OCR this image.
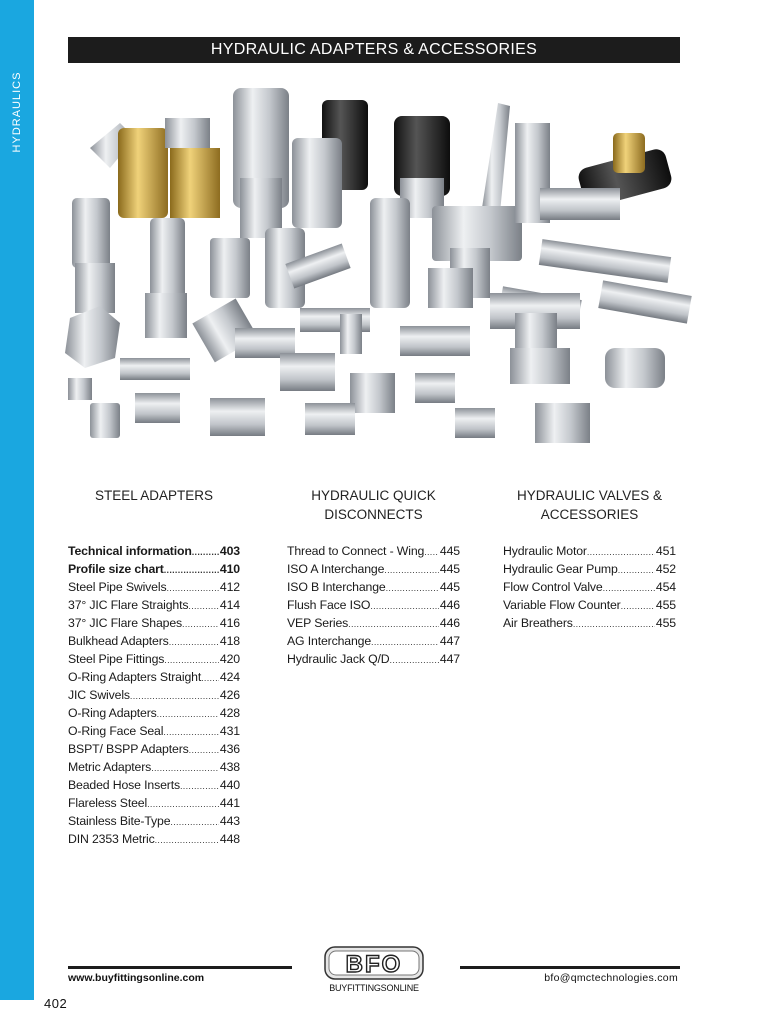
HYDRAULICS
HYDRAULIC ADAPTERS & ACCESSORIES
STEEL ADAPTERS
Technical information ..... 403
Profile size chart .....	410
Steel Pipe Swivels .....	412
37° JIC Flare Straights .....	414
37° JIC Flare Shapes .....	416
Bulkhead Adapters .....	418
Steel Pipe Fittings .....	420
O-Ring Adapters Straight ..... 424
JIC Swivels .....	426
O-Ring Adapters .....	428
O-Ring Face Seal .....	431
BSPT/ BSPP Adapters .....	436
Metric Adapters .....	438
Beaded Hose Inserts .....	440
Flareless Steel .....	441
Stainless Bite-Type .....	443
DIN 2353 Metric .....	448
HYDRAULIC QUICK
DISCONNECTS
Thread to Connect - Wing ..... 445
ISO A Interchange .....	445
ISO B Interchange .....	445
Flush Face ISO .....	446
VEP Series .....	446
AG Interchange .....	447
Hydraulic Jack Q/D .....	447
HYDRAULIC VALVES &
ACCESSORIES
Hydraulic Motor .....	451
Hydraulic Gear Pump .....	452
Flow Control Valve .....	454
Variable Flow Counter .....	455
Air Breathers .....	455
www.buyfittingsonline.com	bfo@qmctechnologies.com
BFO
BUYFITTINGSONLINE
402
